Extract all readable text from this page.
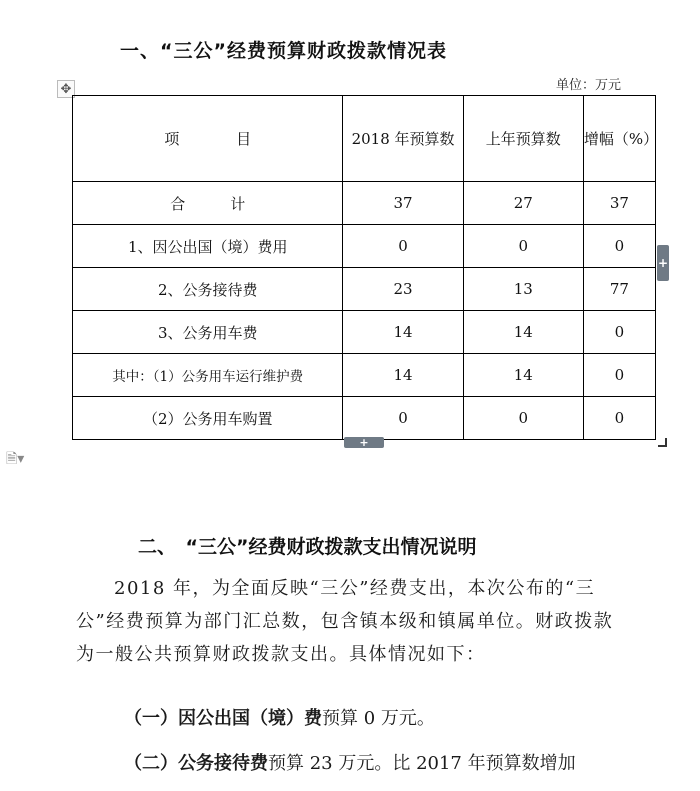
一、“三公”经费预算财政拨款情况表
单位：万元
✥
项 目	2018 年预算数	上年预算数	增幅（%）

合　　　计	37	27	37
1、因公出国（境）费用	0	0	0
2、公务接待费	23	13	77
3、公务用车费	14	14	0
其中：（1）公务用车运行维护费	14	14	0
（2）公务用车购置	0	0	0
+
+
🗎▾
二、　“三公”经费财政拨款支出情况说明
2018 年，为全面反映“三公”经费支出，本次公布的“三公”经费预算为部门汇总数，包含镇本级和镇属单位。财政拨款为一般公共预算财政拨款支出。具体情况如下：
（一）因公出国（境）费预算 0 万元。
（二）公务接待费预算 23 万元。比 2017 年预算数增加
